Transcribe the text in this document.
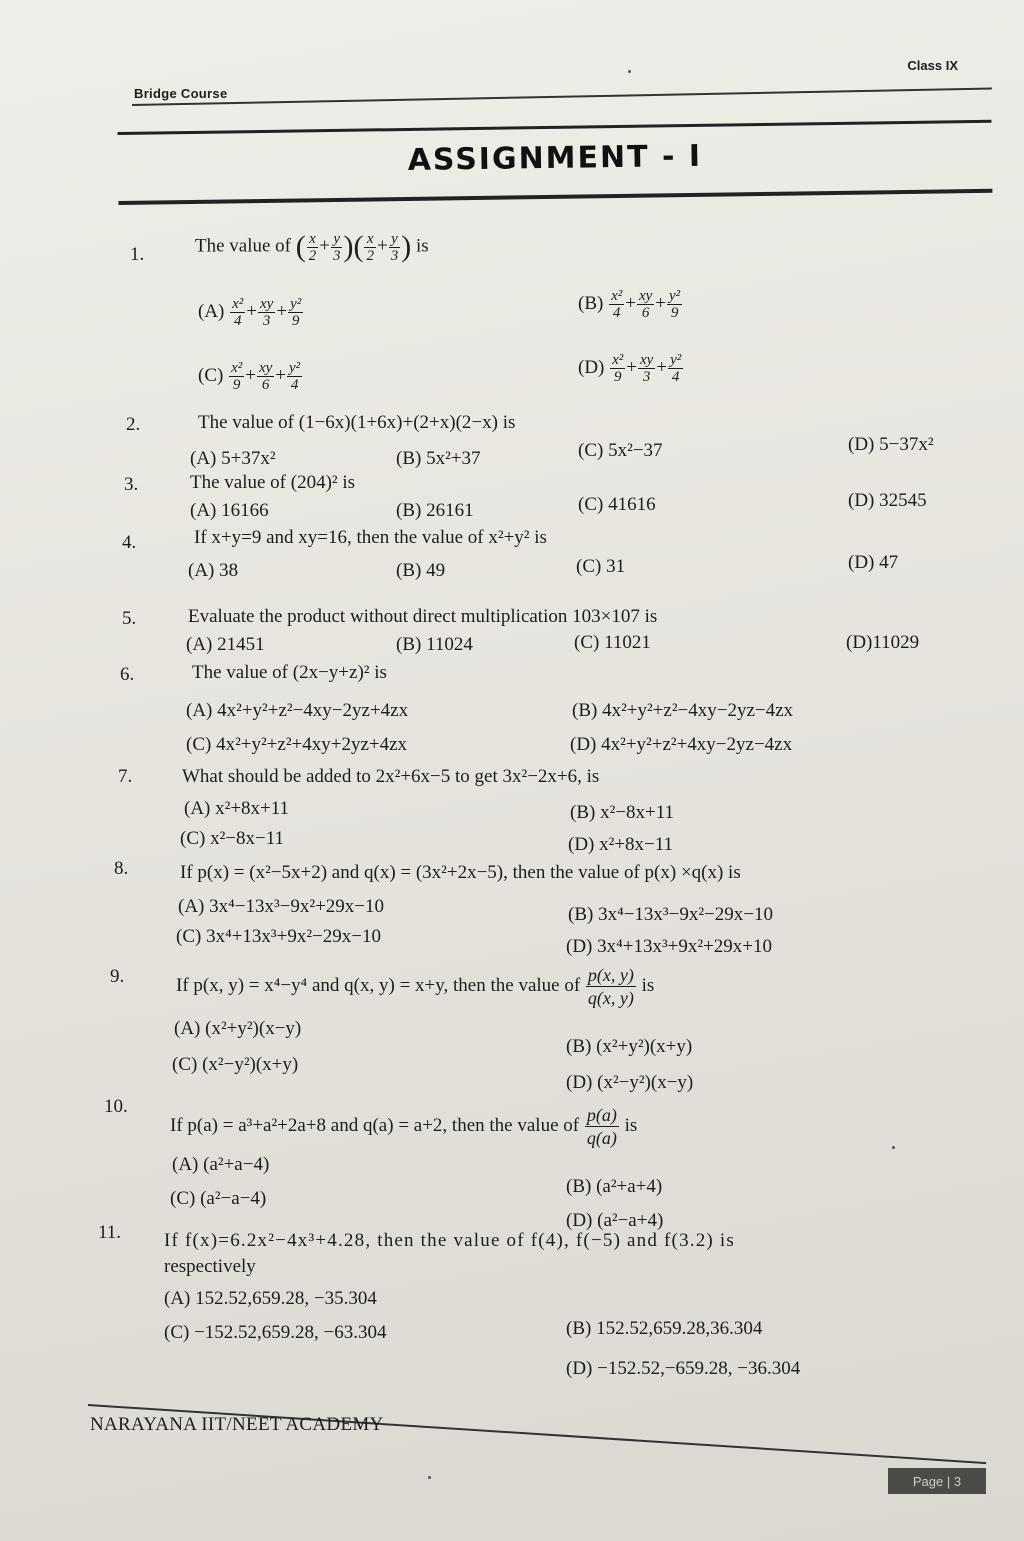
Bridge Course
Class IX
ASSIGNMENT - I
1.	The value of ( $\frac{x}{2} + \frac{y}{3}$ )( $\frac{x}{2} + \frac{y}{3}$ ) is
$(A) \frac{\text{x²}}{4} + \frac{xy}{3} + \frac{\text{y²}}{9}$	$(B) \frac{\text{x²}}{4} + \frac{xy}{6} + \frac{\text{y²}}{9}$
$(C) \frac{\text{x²}}{9} + \frac{xy}{6} + \frac{\text{y²}}{4}$	$(D) \frac{\text{x²}}{9} + \frac{xy}{3} + \frac{\text{y²}}{4}$
2.	The value of (1−6x)(1+6x)+(2+x)(2−x) is
(A) 5+37x²	(B) 5x²+37	(C) 5x²−37	(D) 5−37x²
3.	The value of (204)² is
(A) 16166	(B) 26161	(C) 41616	(D) 32545
4.	If x+y=9 and xy=16, then the value of x²+y² is
(A) 38	(B) 49	(C) 31	(D) 47
5.	Evaluate the product without direct multiplication 103×107 is
(A) 21451	(B) 11024	(C) 11021	(D)11029
6.	The value of (2x−y+z)² is
(A) 4x²+y²+z²−4xy−2yz+4zx	(B) 4x²+y²+z²−4xy−2yz−4zx
(C) 4x²+y²+z²+4xy+2yz+4zx	(D) 4x²+y²+z²+4xy−2yz−4zx
7.	What should be added to 2x²+6x−5 to get 3x²−2x+6, is
(A) x²+8x+11	(B) x²−8x+11
(C) x²−8x−11	(D) x²+8x−11
8.	If p(x) = (x²−5x+2) and q(x) = (3x²+2x−5), then the value of p(x) ×q(x) is
(A) 3x⁴−13x³−9x²+29x−10	(B) 3x⁴−13x³−9x²−29x−10
(C) 3x⁴+13x³+9x²−29x−10	(D) 3x⁴+13x³+9x²+29x+10
9.	If p(x, y) = x⁴−y⁴ and q(x, y) = x+y, then the value of $\frac{p(x, y)}{q(x, y)}$ is
(A) (x²+y²)(x−y)
(B) (x²+y²)(x+y)
(C) (x²−y²)(x+y)
(D) (x²−y²)(x−y)
10.
If p(a) = a³+a²+2a+8 and q(a) = a+2, then the value of $\frac{p(a)}{q(a)}$ is
(A) (a²+a−4)
(B) (a²+a+4)
(C) (a²−a−4)
(D) (a²−a+4)
11. If f(x)=6.2x²−4x³+4.28, then the value of f(4), f(−5) and f(3.2) is
respectively
(A) 152.52,659.28, −35.304
(B) 152.52,659.28,36.304
(C) −152.52,659.28, −63.304
(D) −152.52,−659.28, −36.304
NARAYANA IIT/NEET ACADEMY
Page | 3
